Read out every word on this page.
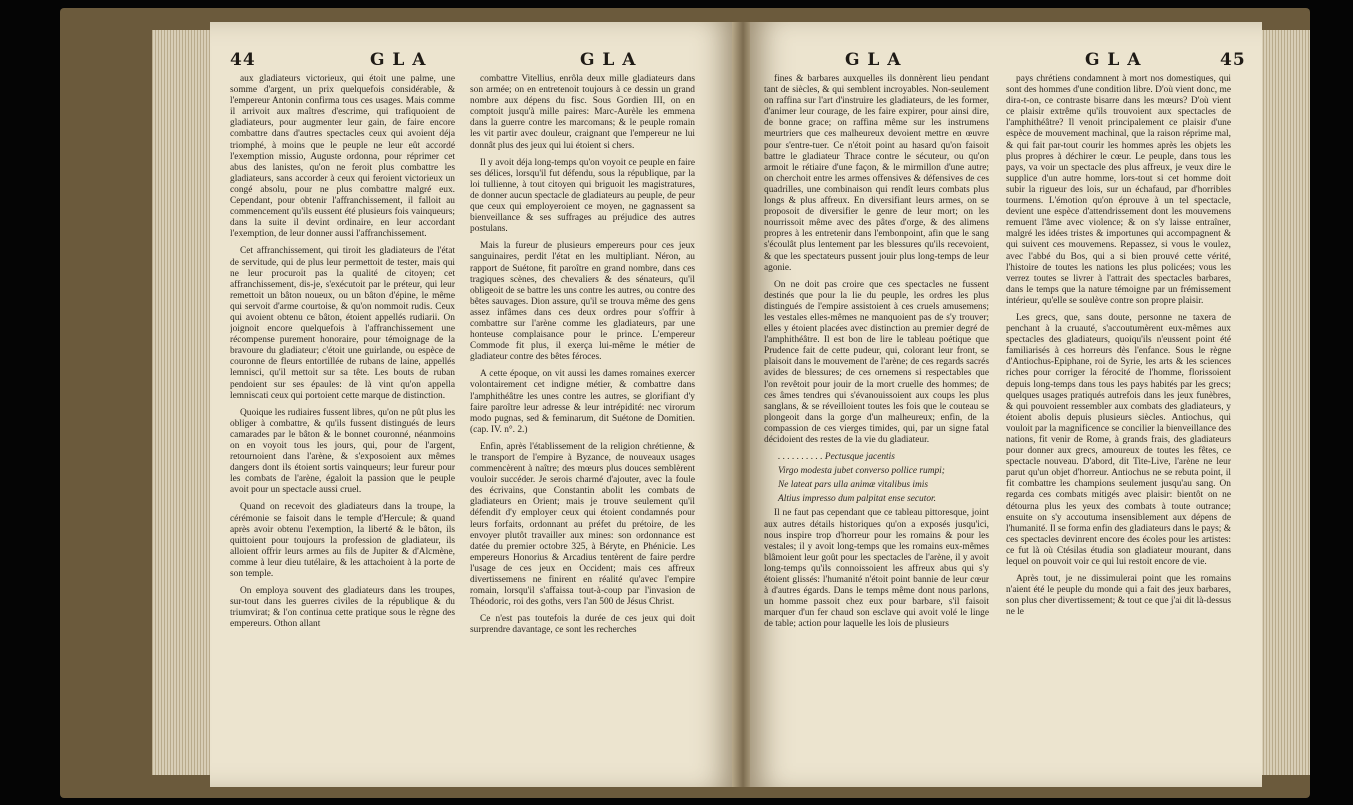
44	G L A	G L A

aux gladiateurs victorieux, qui étoit une palme, une somme d'argent, un prix quelquefois considérable, & l'empereur Antonin confirma tous ces usages. Mais comme il arrivoit aux maîtres d'escrime, qui trafiquoient de gladiateurs, pour augmenter leur gain, de faire encore combattre dans d'autres spectacles ceux qui avoient déja triomphé, à moins que le peuple ne leur eût accordé l'exemption missio, Auguste ordonna, pour réprimer cet abus des lanistes, qu'on ne feroit plus combattre les gladiateurs, sans accorder à ceux qui feroient victorieux un congé absolu, pour ne plus combattre malgré eux. Cependant, pour obtenir l'affranchissement, il falloit au commencement qu'ils eussent été plusieurs fois vainqueurs; dans la suite il devint ordinaire, en leur accordant l'exemption, de leur donner aussi l'affranchissement.

Cet affranchissement, qui tiroit les gladiateurs de l'état de servitude, qui de plus leur permettoit de tester, mais qui ne leur procuroit pas la qualité de citoyen; cet affranchissement, dis-je, s'exécutoit par le préteur, qui leur remettoit un bâton noueux, ou un bâton d'épine, le même qui servoit d'arme courtoise, & qu'on nommoit rudis. Ceux qui avoient obtenu ce bâton, étoient appellés rudiarii. On joignoit encore quelquefois à l'affranchissement une récompense purement honoraire, pour témoignage de la bravoure du gladiateur; c'étoit une guirlande, ou espèce de couronne de fleurs entortillée de rubans de laine, appellés lemnisci, qu'il mettoit sur sa tête. Les bouts de ruban pendoient sur ses épaules: de là vint qu'on appella lemniscati ceux qui portoient cette marque de distinction.

Quoique les rudiaires fussent libres, qu'on ne pût plus les obliger à combattre, & qu'ils fussent distingués de leurs camarades par le bâton & le bonnet couronné, néanmoins on en voyoit tous les jours, qui, pour de l'argent, retournoient dans l'arène, & s'exposoient aux mêmes dangers dont ils étoient sortis vainqueurs; leur fureur pour les combats de l'arène, égaloit la passion que le peuple avoit pour un spectacle aussi cruel.

Quand on recevoit des gladiateurs dans la troupe, la cérémonie se faisoit dans le temple d'Hercule; & quand après avoir obtenu l'exemption, la liberté & le bâton, ils quittoient pour toujours la profession de gladiateur, ils alloient offrir leurs armes au fils de Jupiter & d'Alcmène, comme à leur dieu tutélaire, & les attachoient à la porte de son temple.

On employa souvent des gladiateurs dans les troupes, sur-tout dans les guerres civiles de la république & du triumvirat; & l'on continua cette pratique sous le règne des empereurs. Othon allant

combattre Vitellius, enrôla deux mille gladiateurs dans son armée; on en entretenoit toujours à ce dessin un grand nombre aux dépens du fisc. Sous Gordien III, on en comptoit jusqu'à mille paires: Marc-Aurèle les emmena dans la guerre contre les marcomans; & le peuple romain les vit partir avec douleur, craignant que l'empereur ne lui donnât plus des jeux qui lui étoient si chers.

Il y avoit déja long-temps qu'on voyoit ce peuple en faire ses délices, lorsqu'il fut défendu, sous la république, par la loi tullienne, à tout citoyen qui briguoit les magistratures, de donner aucun spectacle de gladiateurs au peuple, de peur que ceux qui employeroient ce moyen, ne gagnassent sa bienveillance & ses suffrages au préjudice des autres postulans.

Mais la fureur de plusieurs empereurs pour ces jeux sanguinaires, perdit l'état en les multipliant. Néron, au rapport de Suétone, fit paroître en grand nombre, dans ces tragiques scènes, des chevaliers & des sénateurs, qu'il obligeoit de se battre les uns contre les autres, ou contre des bêtes sauvages. Dion assure, qu'il se trouva même des gens assez infâmes dans ces deux ordres pour s'offrir à combattre sur l'arène comme les gladiateurs, par une honteuse complaisance pour le prince. L'empereur Commode fit plus, il exerça lui-même le métier de gladiateur contre des bêtes féroces.

A cette époque, on vit aussi les dames romaines exercer volontairement cet indigne métier, & combattre dans l'amphithéâtre les unes contre les autres, se glorifiant d'y faire paroître leur adresse & leur intrépidité: nec virorum modo pugnas, sed & feminarum, dit Suétone de Domitien. (cap. IV. n°. 2.)

Enfin, après l'établissement de la religion chrétienne, & le transport de l'empire à Byzance, de nouveaux usages commencèrent à naître; des mœurs plus douces semblèrent vouloir succéder. Je serois charmé d'ajouter, avec la foule des écrivains, que Constantin abolit les combats de gladiateurs en Orient; mais je trouve seulement qu'il défendit d'y employer ceux qui étoient condamnés pour leurs forfaits, ordonnant au préfet du prétoire, de les envoyer plutôt travailler aux mines: son ordonnance est datée du premier octobre 325, à Béryte, en Phénicie. Les empereurs Honorius & Arcadius tentèrent de faire perdre l'usage de ces jeux en Occident; mais ces affreux divertissemens ne finirent en réalité qu'avec l'empire romain, lorsqu'il s'affaissa tout-à-coup par l'invasion de Théodoric, roi des goths, vers l'an 500 de Jésus Christ.

Ce n'est pas toutefois la durée de ces jeux qui doit surprendre davantage, ce sont les recherches

G L A	G L A	45

fines & barbares auxquelles ils donnèrent lieu pendant tant de siècles, & qui semblent incroyables. Non-seulement on raffina sur l'art d'instruire les gladiateurs, de les former, d'animer leur courage, de les faire expirer, pour ainsi dire, de bonne grace; on raffina même sur les instrumens meurtriers que ces malheureux devoient mettre en œuvre pour s'entre-tuer. Ce n'étoit point au hasard qu'on faisoit battre le gladiateur Thrace contre le sécuteur, ou qu'on armoit le rétiaire d'une façon, & le mirmillon d'une autre; on cherchoit entre les armes offensives & défensives de ces quadrilles, une combinaison qui rendît leurs combats plus longs & plus affreux. En diversifiant leurs armes, on se proposoit de diversifier le genre de leur mort; on les nourrissoit même avec des pâtes d'orge, & des alimens propres à les entretenir dans l'embonpoint, afin que le sang s'écoulât plus lentement par les blessures qu'ils recevoient, & que les spectateurs pussent jouir plus long-temps de leur agonie.

On ne doit pas croire que ces spectacles ne fussent destinés que pour la lie du peuple, les ordres les plus distingués de l'empire assistoient à ces cruels amusemens; les vestales elles-mêmes ne manquoient pas de s'y trouver; elles y étoient placées avec distinction au premier degré de l'amphithéâtre. Il est bon de lire le tableau poétique que Prudence fait de cette pudeur, qui, colorant leur front, se plaisoit dans le mouvement de l'arène; de ces regards sacrés avides de blessures; de ces ornemens si respectables que l'on revêtoit pour jouir de la mort cruelle des hommes; de ces âmes tendres qui s'évanouissoient aux coups les plus sanglans, & se réveilloient toutes les fois que le couteau se plongeoit dans la gorge d'un malheureux; enfin, de la compassion de ces vierges timides, qui, par un signe fatal décidoient des restes de la vie du gladiateur.

. . . . . . . . . . Pectusque jacentis

Virgo modesta jubet converso pollice rumpi;

Ne lateat pars ulla animæ vitalibus imis

Altius impresso dum palpitat ense secutor.

Il ne faut pas cependant que ce tableau pittoresque, joint aux autres détails historiques qu'on a exposés jusqu'ici, nous inspire trop d'horreur pour les romains & pour les vestales; il y avoit long-temps que les romains eux-mêmes blâmoient leur goût pour les spectacles de l'arène, il y avoit long-temps qu'ils connoissoient les affreux abus qui s'y étoient glissés: l'humanité n'étoit point bannie de leur cœur à d'autres égards. Dans le temps même dont nous parlons, un homme passoit chez eux pour barbare, s'il faisoit marquer d'un fer chaud son esclave qui avoit volé le linge de table; action pour laquelle les lois de plusieurs

pays chrétiens condamnent à mort nos domestiques, qui sont des hommes d'une condition libre. D'où vient donc, me dira-t-on, ce contraste bisarre dans les mœurs? D'où vient ce plaisir extrême qu'ils trouvoient aux spectacles de l'amphithéâtre? Il venoit principalement ce plaisir d'une espèce de mouvement machinal, que la raison réprime mal, & qui fait par-tout courir les hommes après les objets les plus propres à déchirer le cœur. Le peuple, dans tous les pays, va voir un spectacle des plus affreux, je veux dire le supplice d'un autre homme, lors-tout si cet homme doit subir la rigueur des lois, sur un échafaud, par d'horribles tourmens. L'émotion qu'on éprouve à un tel spectacle, devient une espèce d'attendrissement dont les mouvemens remuent l'âme avec violence; & on s'y laisse entraîner, malgré les idées tristes & importunes qui accompagnent & qui suivent ces mouvemens. Repassez, si vous le voulez, avec l'abbé du Bos, qui a si bien prouvé cette vérité, l'histoire de toutes les nations les plus policées; vous les verrez toutes se livrer à l'attrait des spectacles barbares, dans le temps que la nature témoigne par un frémissement intérieur, qu'elle se soulève contre son propre plaisir.

Les grecs, que, sans doute, personne ne taxera de penchant à la cruauté, s'accoutumèrent eux-mêmes aux spectacles des gladiateurs, quoiqu'ils n'eussent point été familiarisés à ces horreurs dès l'enfance. Sous le règne d'Antiochus-Epiphane, roi de Syrie, les arts & les sciences riches pour corriger la férocité de l'homme, florissoient depuis long-temps dans tous les pays habités par les grecs; quelques usages pratiqués autrefois dans les jeux funèbres, & qui pouvoient ressembler aux combats des gladiateurs, y étoient abolis depuis plusieurs siècles. Antiochus, qui vouloit par la magnificence se concilier la bienveillance des nations, fit venir de Rome, à grands frais, des gladiateurs pour donner aux grecs, amoureux de toutes les fêtes, ce spectacle nouveau. D'abord, dit Tite-Live, l'arène ne leur parut qu'un objet d'horreur. Antiochus ne se rebuta point, il fit combattre les champions seulement jusqu'au sang. On regarda ces combats mitigés avec plaisir: bientôt on ne détourna plus les yeux des combats à toute outrance; ensuite on s'y accoutuma insensiblement aux dépens de l'humanité. Il se forma enfin des gladiateurs dans le pays; & ces spectacles devinrent encore des écoles pour les artistes: ce fut là où Ctésilas étudia son gladiateur mourant, dans lequel on pouvoit voir ce qui lui restoit encore de vie.

Après tout, je ne dissimulerai point que les romains n'aient été le peuple du monde qui a fait des jeux barbares, son plus cher divertissement; & tout ce que j'ai dit là-dessus ne le
